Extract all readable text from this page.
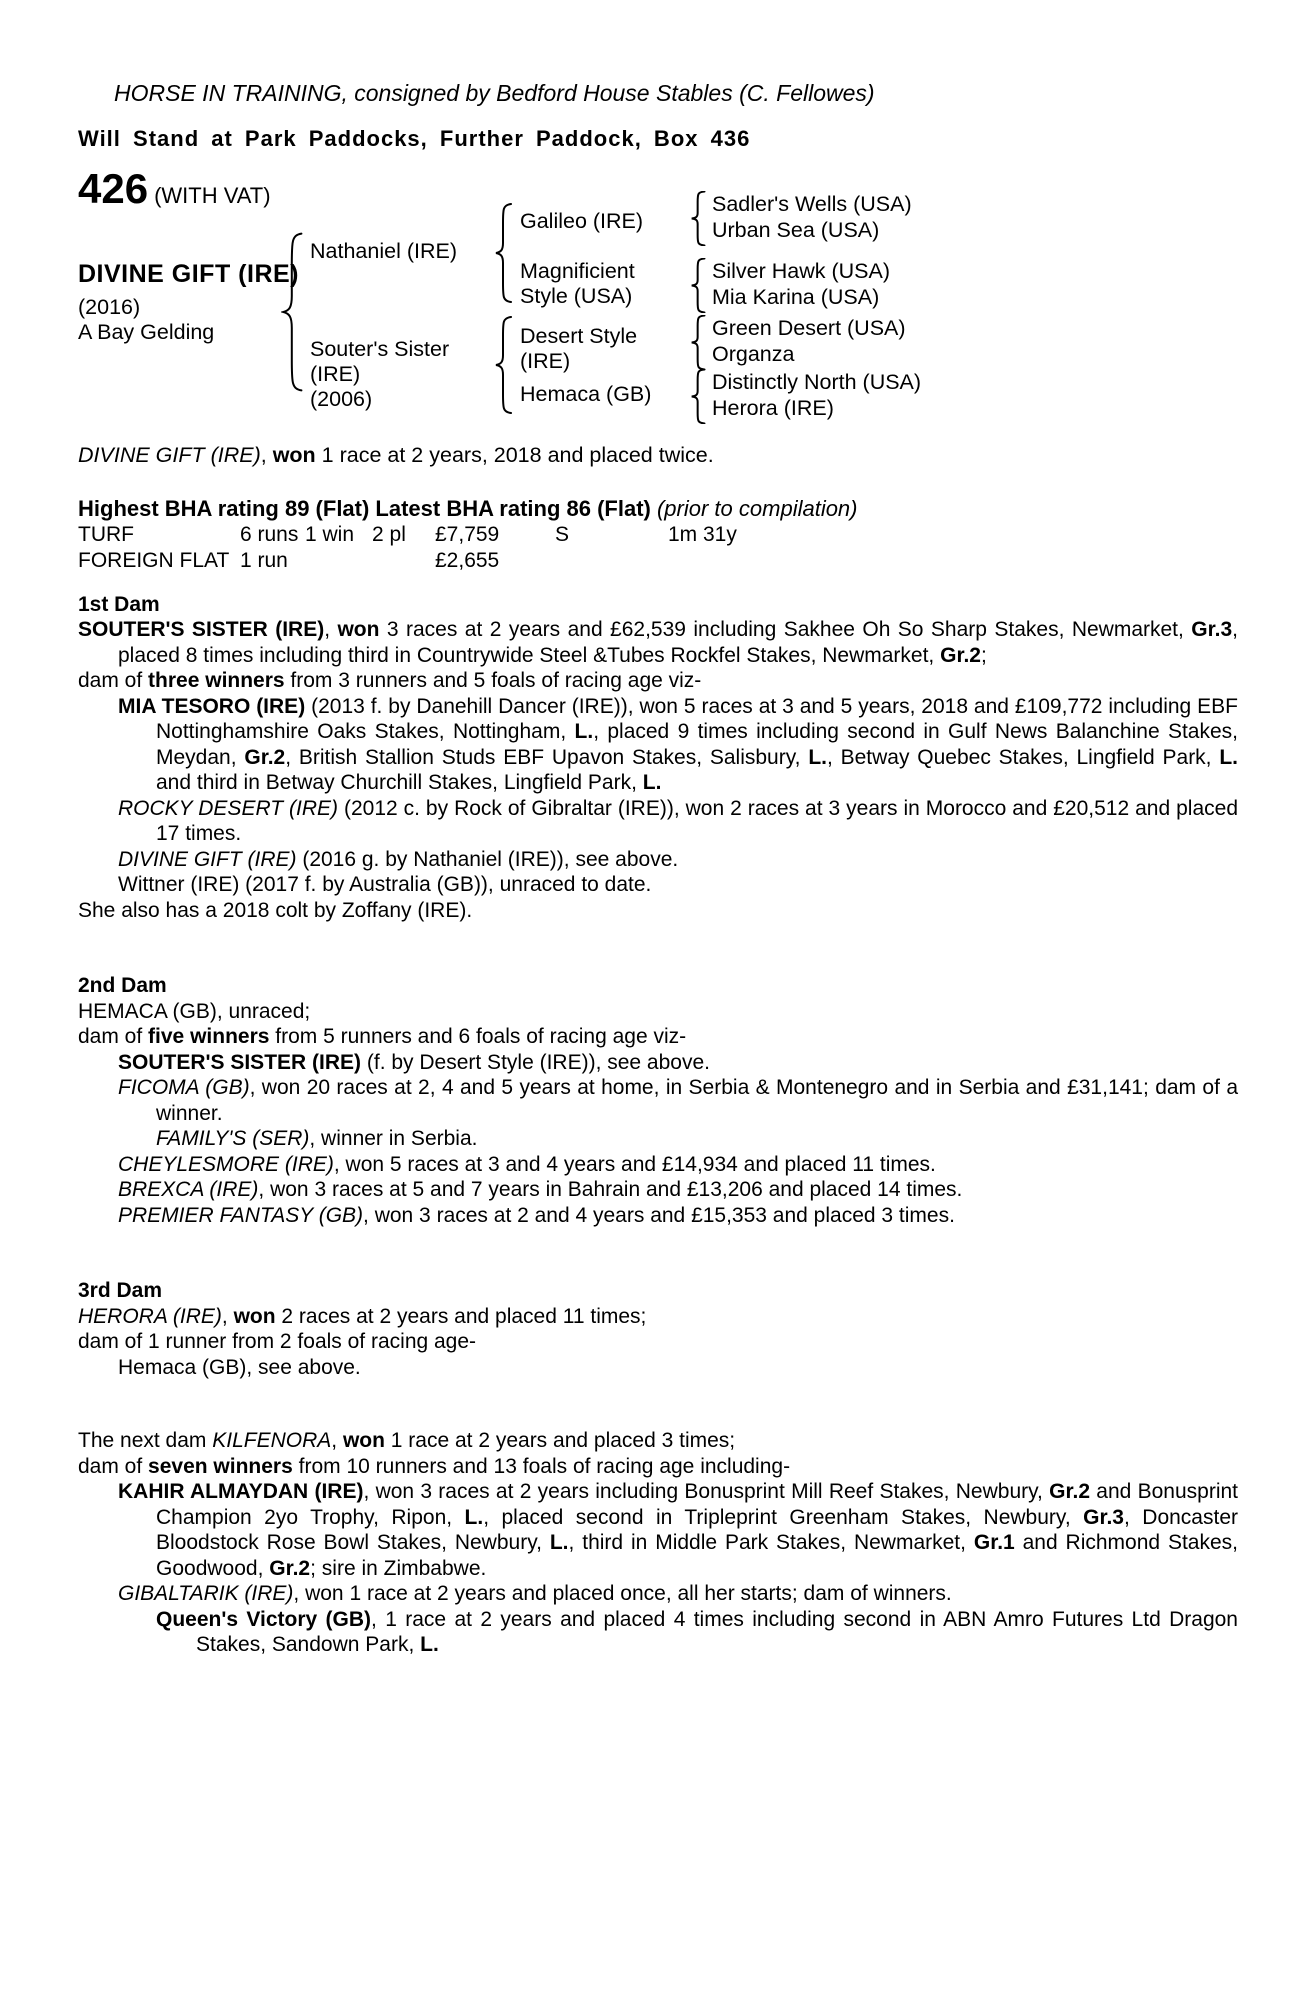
HORSE IN TRAINING, consigned by Bedford House Stables (C. Fellowes)
Will Stand at Park Paddocks, Further Paddock, Box 436
426 (WITH VAT)
DIVINE GIFT (IRE)
(2016)
A Bay Gelding
Nathaniel (IRE)
Souter's Sister (IRE)
(2006)
Galileo (IRE)
Magnificient Style (USA)
Desert Style (IRE)
Hemaca (GB)
Sadler's Wells (USA)
Urban Sea (USA)
Silver Hawk (USA)
Mia Karina (USA)
Green Desert (USA)
Organza
Distinctly North (USA)
Herora (IRE)
DIVINE GIFT (IRE), won 1 race at 2 years, 2018 and placed twice.
Highest BHA rating 89 (Flat) Latest BHA rating 86 (Flat) (prior to compilation)
TURF	6 runs 1 win 2 pl	£7,759	S	1m 31y
FOREIGN FLAT 1 run	£2,655
1st Dam
SOUTER'S SISTER (IRE), won 3 races at 2 years and £62,539 including Sakhee Oh So Sharp Stakes, Newmarket, Gr.3, placed 8 times including third in Countrywide Steel &Tubes Rockfel Stakes, Newmarket, Gr.2;
dam of three winners from 3 runners and 5 foals of racing age viz-
MIA TESORO (IRE) (2013 f. by Danehill Dancer (IRE)), won 5 races at 3 and 5 years, 2018 and £109,772 including EBF Nottinghamshire Oaks Stakes, Nottingham, L., placed 9 times including second in Gulf News Balanchine Stakes, Meydan, Gr.2, British Stallion Studs EBF Upavon Stakes, Salisbury, L., Betway Quebec Stakes, Lingfield Park, L. and third in Betway Churchill Stakes, Lingfield Park, L.
ROCKY DESERT (IRE) (2012 c. by Rock of Gibraltar (IRE)), won 2 races at 3 years in Morocco and £20,512 and placed 17 times.
DIVINE GIFT (IRE) (2016 g. by Nathaniel (IRE)), see above.
Wittner (IRE) (2017 f. by Australia (GB)), unraced to date.
She also has a 2018 colt by Zoffany (IRE).
2nd Dam
HEMACA (GB), unraced;
dam of five winners from 5 runners and 6 foals of racing age viz-
SOUTER'S SISTER (IRE) (f. by Desert Style (IRE)), see above.
FICOMA (GB), won 20 races at 2, 4 and 5 years at home, in Serbia & Montenegro and in Serbia and £31,141; dam of a winner.
FAMILY'S (SER), winner in Serbia.
CHEYLESMORE (IRE), won 5 races at 3 and 4 years and £14,934 and placed 11 times.
BREXCA (IRE), won 3 races at 5 and 7 years in Bahrain and £13,206 and placed 14 times.
PREMIER FANTASY (GB), won 3 races at 2 and 4 years and £15,353 and placed 3 times.
3rd Dam
HERORA (IRE), won 2 races at 2 years and placed 11 times;
dam of 1 runner from 2 foals of racing age-
Hemaca (GB), see above.
The next dam KILFENORA, won 1 race at 2 years and placed 3 times;
dam of seven winners from 10 runners and 13 foals of racing age including-
KAHIR ALMAYDAN (IRE), won 3 races at 2 years including Bonusprint Mill Reef Stakes, Newbury, Gr.2 and Bonusprint Champion 2yo Trophy, Ripon, L., placed second in Tripleprint Greenham Stakes, Newbury, Gr.3, Doncaster Bloodstock Rose Bowl Stakes, Newbury, L., third in Middle Park Stakes, Newmarket, Gr.1 and Richmond Stakes, Goodwood, Gr.2; sire in Zimbabwe.
GIBALTARIK (IRE), won 1 race at 2 years and placed once, all her starts; dam of winners.
Queen's Victory (GB), 1 race at 2 years and placed 4 times including second in ABN Amro Futures Ltd Dragon Stakes, Sandown Park, L.
